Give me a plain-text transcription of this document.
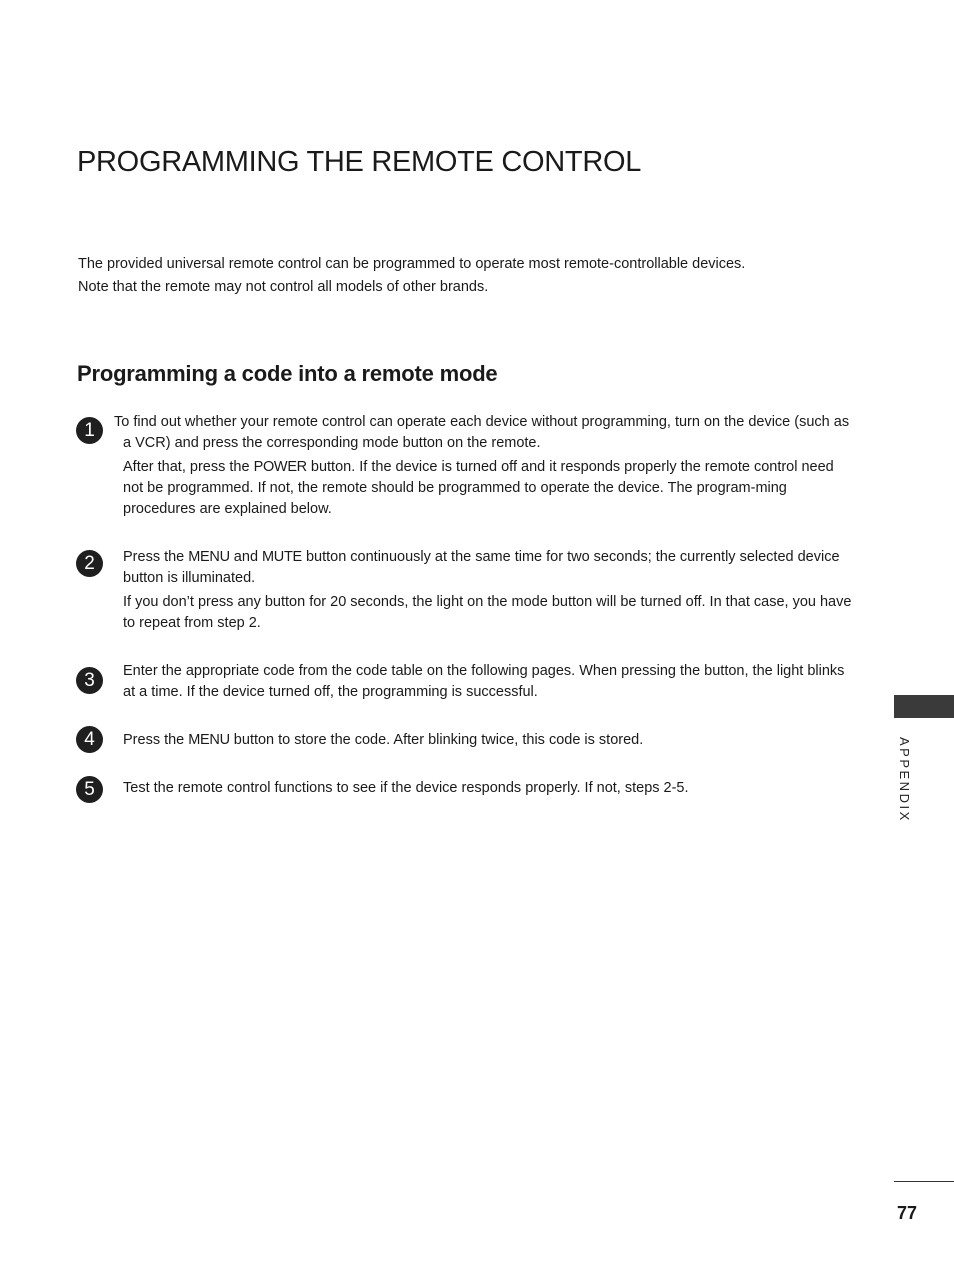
PROGRAMMING THE REMOTE CONTROL

The provided universal remote control can be programmed to operate most remote-controllable devices.

Note that the remote may not control all models of other brands.

Programming a code into a remote mode
1	To find out whether your remote control can operate each device without programming, turn on the device (such as a VCR) and press the corresponding mode button on the remote.

After that, press the POWER button. If the device is turned off and it responds properly the remote control need not be programmed. If not, the remote should be programmed to operate the device. The program-ming procedures are explained below.

2	Press the MENU and MUTE button continuously at the same time for two seconds; the currently selected device button is illuminated.

If you don’t press any button for 20 seconds, the light on the mode button will be turned off. In that case, you have to repeat from step 2.

3	Enter the appropriate code from the code table on the following pages. When pressing the button, the light blinks at a time. If the device turned off, the programming is successful.

4	Press the MENU button to store the code. After blinking twice, this code is stored.

5	Test the remote control functions to see if the device responds properly. If not, steps 2-5.	APPENDIX
77
